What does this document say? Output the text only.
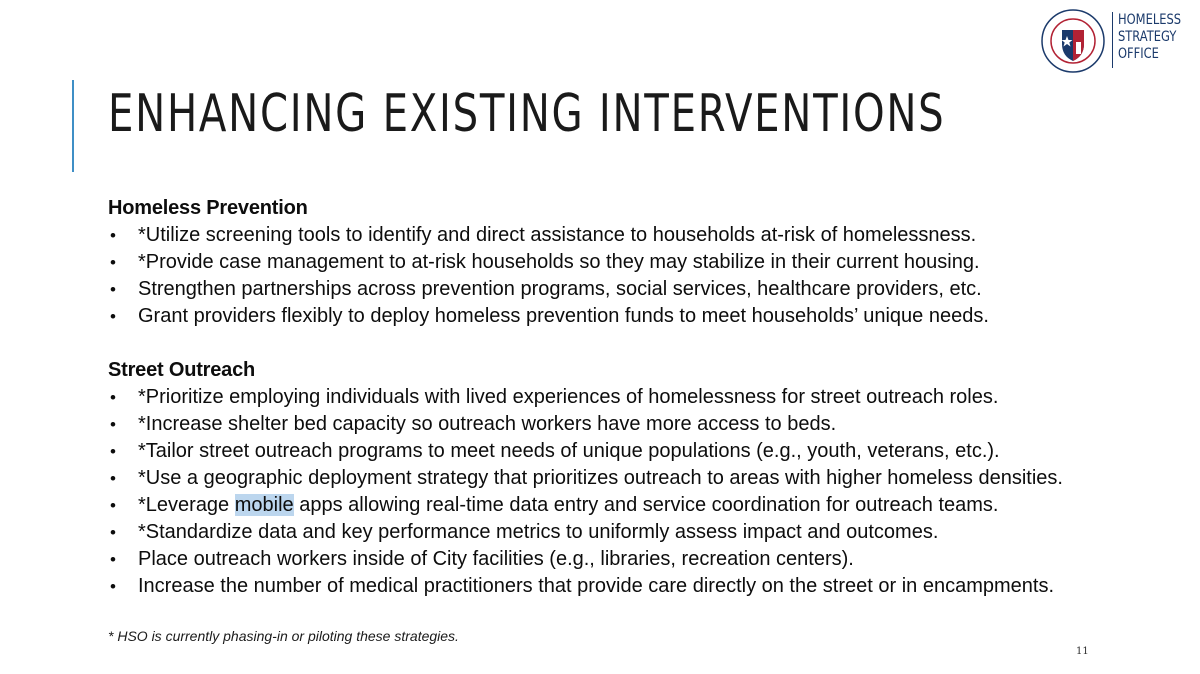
ENHANCING EXISTING INTERVENTIONS
HOMELESS
STRATEGY
OFFICE
Homeless Prevention
• *Utilize screening tools to identify and direct assistance to households at-risk of homelessness.
• *Provide case management to at-risk households so they may stabilize in their current housing.
• Strengthen partnerships across prevention programs, social services, healthcare providers, etc.
• Grant providers flexibly to deploy homeless prevention funds to meet households’ unique needs.
Street Outreach
• *Prioritize employing individuals with lived experiences of homelessness for street outreach roles.
• *Increase shelter bed capacity so outreach workers have more access to beds.
• *Tailor street outreach programs to meet needs of unique populations (e.g., youth, veterans, etc.).
• *Use a geographic deployment strategy that prioritizes outreach to areas with higher homeless densities.
• *Leverage mobile apps allowing real-time data entry and service coordination for outreach teams.
• *Standardize data and key performance metrics to uniformly assess impact and outcomes.
• Place outreach workers inside of City facilities (e.g., libraries, recreation centers).
• Increase the number of medical practitioners that provide care directly on the street or in encampments.
* HSO is currently phasing-in or piloting these strategies.
11
